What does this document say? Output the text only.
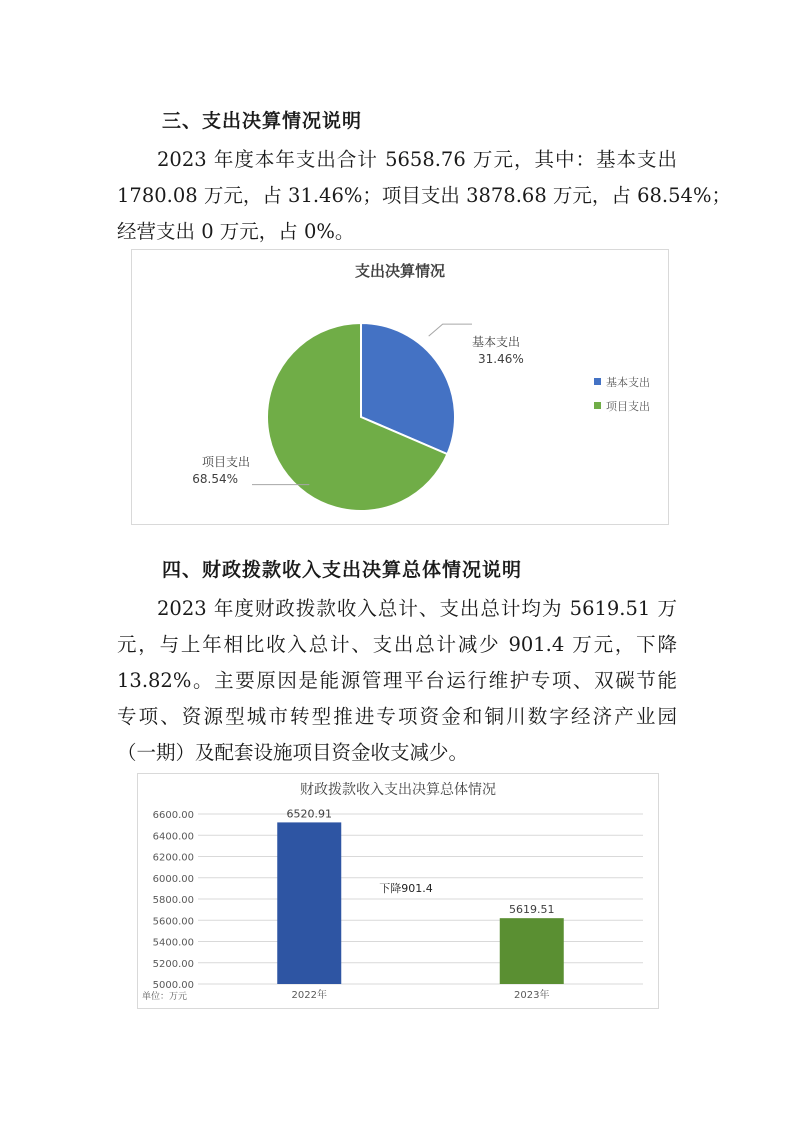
三、支出决算情况说明
2023 年度本年支出合计 5658.76 万元，其中：基本支出
1780.08 万元，占 31.46%；项目支出 3878.68 万元，占 68.54%；
经营支出 0 万元，占 0%。
支出决算情况
基本支出
31.46%
项目支出
68.54%
基本支出
项目支出
四、财政拨款收入支出决算总体情况说明
2023 年度财政拨款收入总计、支出总计均为 5619.51 万
元，与上年相比收入总计、支出总计减少 901.4 万元，下降
13.82%。主要原因是能源管理平台运行维护专项、双碳节能
专项、资源型城市转型推进专项资金和铜川数字经济产业园
（一期）及配套设施项目资金收支减少。
财政拨款收入支出决算总体情况
5000.00
5200.00
5400.00
5600.00
5800.00
6000.00
6200.00
6400.00
6600.00	6520.91
5619.51
2022年	2023年
下降901.4
单位：万元
